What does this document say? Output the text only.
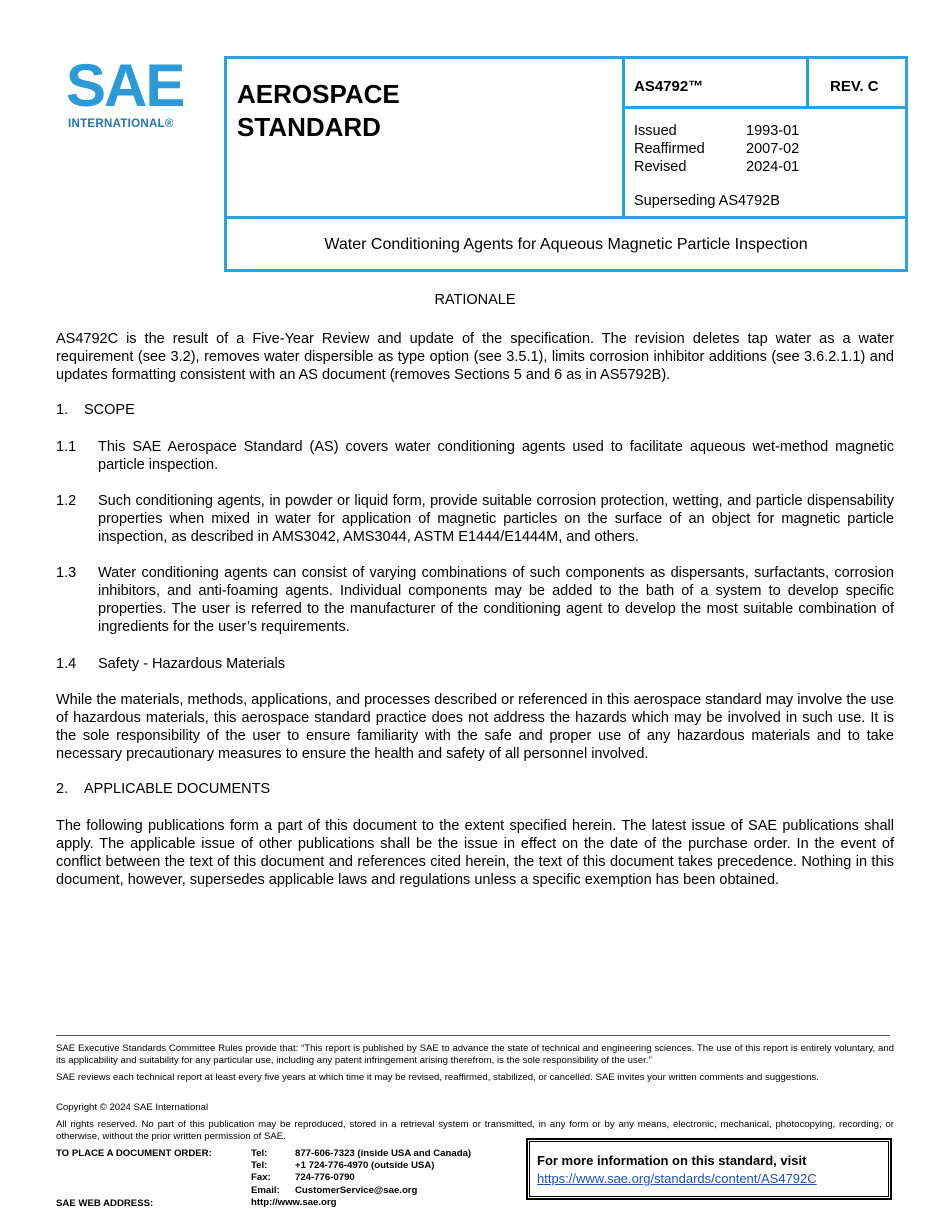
SAE
INTERNATIONAL®
AEROSPACE
STANDARD
AS4792™	REV. C
Issued	1993-01
Reaffirmed	2007-02
Revised	2024-01
Superseding AS4792B
Water Conditioning Agents for Aqueous Magnetic Particle Inspection
RATIONALE
AS4792C is the result of a Five-Year Review and update of the specification. The revision deletes tap water as a water requirement (see 3.2), removes water dispersible as type option (see 3.5.1), limits corrosion inhibitor additions (see 3.6.2.1.1) and updates formatting consistent with an AS document (removes Sections 5 and 6 as in AS5792B).
1. SCOPE
1.1 This SAE Aerospace Standard (AS) covers water conditioning agents used to facilitate aqueous wet-method magnetic particle inspection.
1.2 Such conditioning agents, in powder or liquid form, provide suitable corrosion protection, wetting, and particle dispensability properties when mixed in water for application of magnetic particles on the surface of an object for magnetic particle inspection, as described in AMS3042, AMS3044, ASTM E1444/E1444M, and others.
1.3 Water conditioning agents can consist of varying combinations of such components as dispersants, surfactants, corrosion inhibitors, and anti-foaming agents. Individual components may be added to the bath of a system to develop specific properties. The user is referred to the manufacturer of the conditioning agent to develop the most suitable combination of ingredients for the user’s requirements.
1.4 Safety - Hazardous Materials
While the materials, methods, applications, and processes described or referenced in this aerospace standard may involve the use of hazardous materials, this aerospace standard practice does not address the hazards which may be involved in such use. It is the sole responsibility of the user to ensure familiarity with the safe and proper use of any hazardous materials and to take necessary precautionary measures to ensure the health and safety of all personnel involved.
2. APPLICABLE DOCUMENTS
The following publications form a part of this document to the extent specified herein. The latest issue of SAE publications shall apply. The applicable issue of other publications shall be the issue in effect on the date of the purchase order. In the event of conflict between the text of this document and references cited herein, the text of this document takes precedence. Nothing in this document, however, supersedes applicable laws and regulations unless a specific exemption has been obtained.
SAE Executive Standards Committee Rules provide that: “This report is published by SAE to advance the state of technical and engineering sciences. The use of this report is entirely voluntary, and its applicability and suitability for any particular use, including any patent infringement arising therefrom, is the sole responsibility of the user.”
SAE reviews each technical report at least every five years at which time it may be revised, reaffirmed, stabilized, or cancelled. SAE invites your written comments and suggestions.
Copyright © 2024 SAE International
All rights reserved. No part of this publication may be reproduced, stored in a retrieval system or transmitted, in any form or by any means, electronic, mechanical, photocopying, recording, or otherwise, without the prior written permission of SAE.
TO PLACE A DOCUMENT ORDER:
SAE WEB ADDRESS:
Tel:	877-606-7323 (inside USA and Canada)
Tel:	+1 724-776-4970 (outside USA)
Fax:	724-776-0790
Email:	CustomerService@sae.org
http://www.sae.org
For more information on this standard, visit
https://www.sae.org/standards/content/AS4792C
